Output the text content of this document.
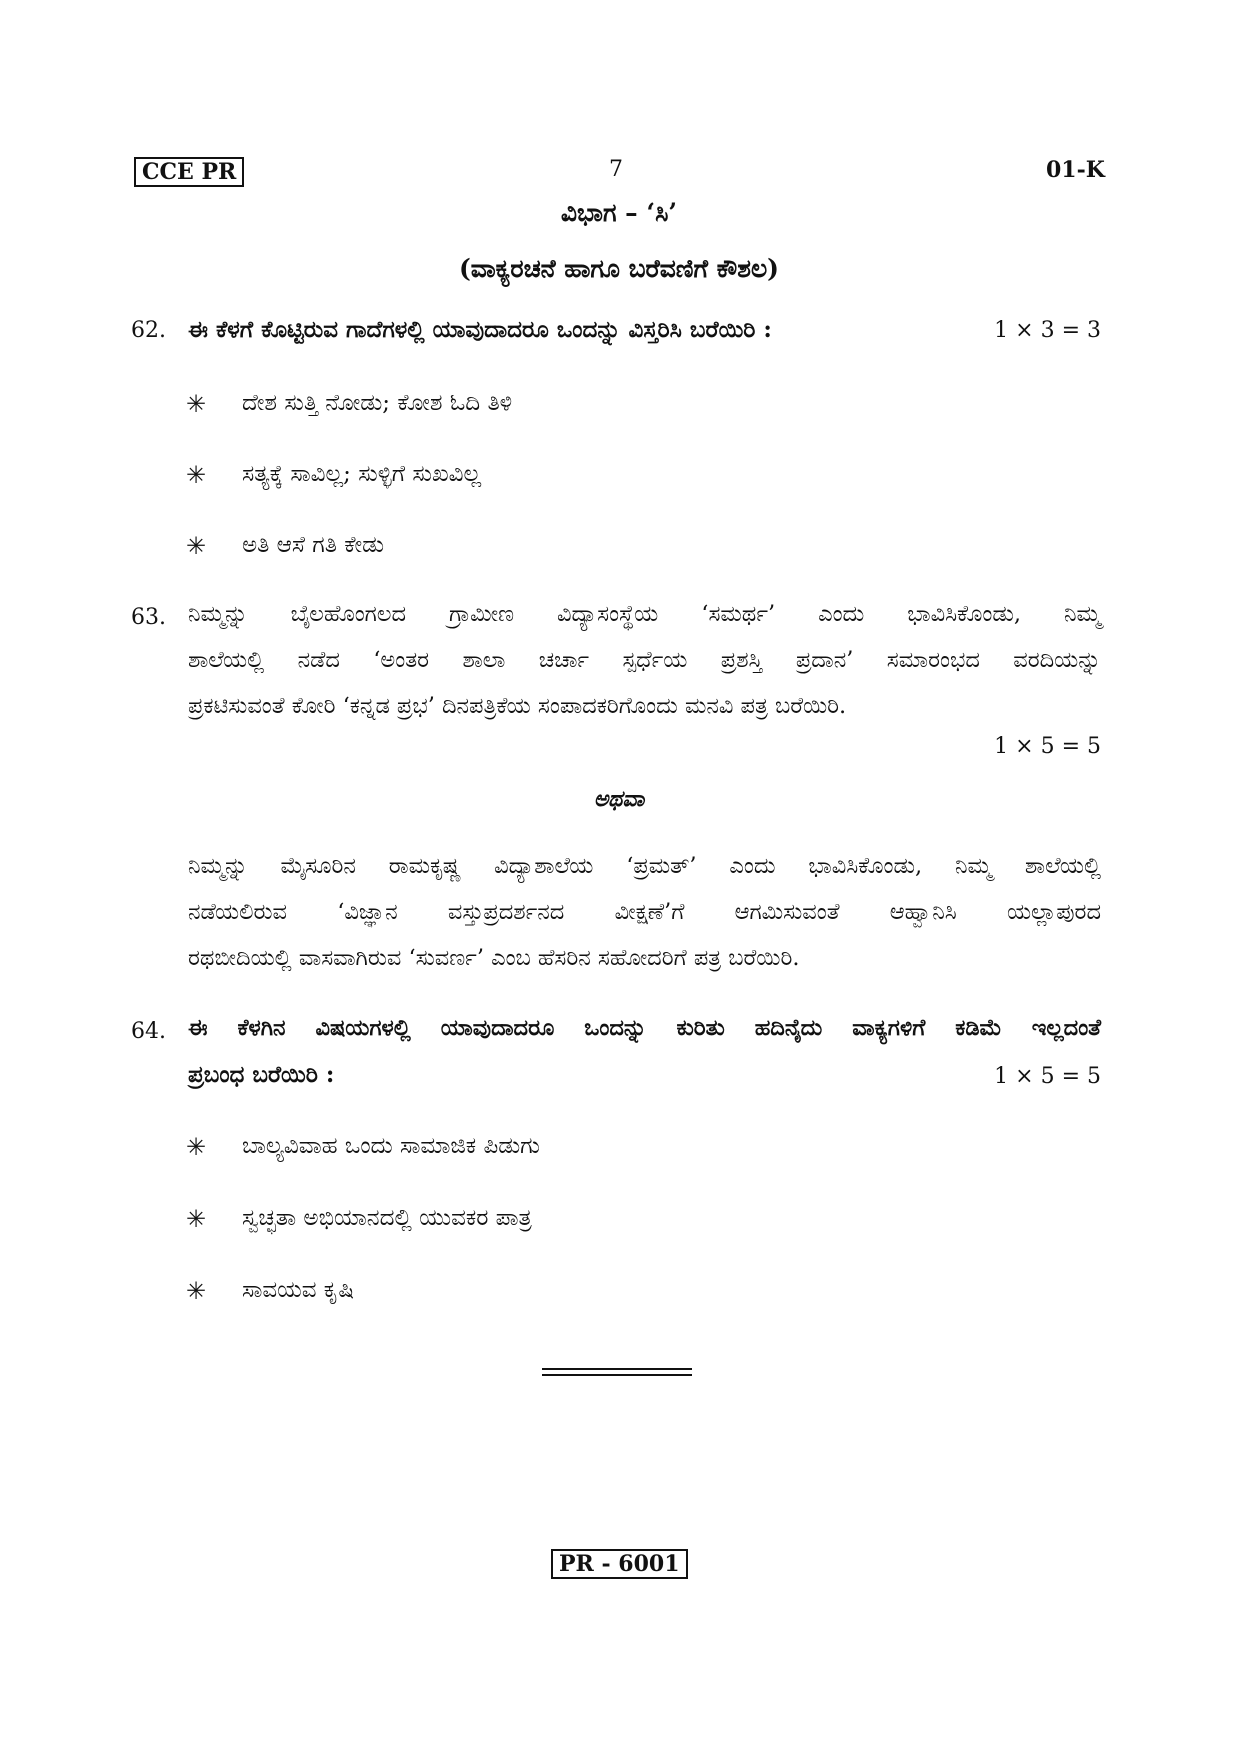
CCE PR	7	01-K
ವಿಭಾಗ – ‘ಸಿ’
(ವಾಕ್ಯರಚನೆ ಹಾಗೂ ಬರೆವಣಿಗೆ ಕೌಶಲ)
62. ಈ ಕೆಳಗೆ ಕೊಟ್ಟಿರುವ ಗಾದೆಗಳಲ್ಲಿ ಯಾವುದಾದರೂ ಒಂದನ್ನು ವಿಸ್ತರಿಸಿ ಬರೆಯಿರಿ :	1 × 3 = 3
✳ ದೇಶ ಸುತ್ತಿ ನೋಡು; ಕೋಶ ಓದಿ ತಿಳಿ
✳ ಸತ್ಯಕ್ಕೆ ಸಾವಿಲ್ಲ; ಸುಳ್ಳಿಗೆ ಸುಖವಿಲ್ಲ
✳ ಅತಿ ಆಸೆ ಗತಿ ಕೇಡು
63. ನಿಮ್ಮನ್ನು ಬೈಲಹೊಂಗಲದ ಗ್ರಾಮೀಣ ವಿದ್ಯಾಸಂಸ್ಥೆಯ ‘ಸಮರ್ಥ’ ಎಂದು ಭಾವಿಸಿಕೊಂಡು, ನಿಮ್ಮ
ಶಾಲೆಯಲ್ಲಿ ನಡೆದ ‘ಅಂತರ ಶಾಲಾ ಚರ್ಚಾ ಸ್ಪರ್ಧೆಯ ಪ್ರಶಸ್ತಿ ಪ್ರದಾನ’ ಸಮಾರಂಭದ ವರದಿಯನ್ನು
ಪ್ರಕಟಿಸುವಂತೆ ಕೋರಿ ‘ಕನ್ನಡ ಪ್ರಭ’ ದಿನಪತ್ರಿಕೆಯ ಸಂಪಾದಕರಿಗೊಂದು ಮನವಿ ಪತ್ರ ಬರೆಯಿರಿ.
1 × 5 = 5
ಅಥವಾ
ನಿಮ್ಮನ್ನು ಮೈಸೂರಿನ ರಾಮಕೃಷ್ಣ ವಿದ್ಯಾಶಾಲೆಯ ‘ಪ್ರಮತ್’ ಎಂದು ಭಾವಿಸಿಕೊಂಡು, ನಿಮ್ಮ ಶಾಲೆಯಲ್ಲಿ
ನಡೆಯಲಿರುವ ‘ವಿಜ್ಞಾನ ವಸ್ತುಪ್ರದರ್ಶನದ ವೀಕ್ಷಣೆ’ಗೆ ಆಗಮಿಸುವಂತೆ ಆಹ್ವಾನಿಸಿ ಯಲ್ಲಾಪುರದ
ರಥಬೀದಿಯಲ್ಲಿ ವಾಸವಾಗಿರುವ ‘ಸುವರ್ಣ’ ಎಂಬ ಹೆಸರಿನ ಸಹೋದರಿಗೆ ಪತ್ರ ಬರೆಯಿರಿ.
64. ಈ ಕೆಳಗಿನ ವಿಷಯಗಳಲ್ಲಿ ಯಾವುದಾದರೂ ಒಂದನ್ನು ಕುರಿತು ಹದಿನೈದು ವಾಕ್ಯಗಳಿಗೆ ಕಡಿಮೆ ಇಲ್ಲದಂತೆ
ಪ್ರಬಂಧ ಬರೆಯಿರಿ :	1 × 5 = 5
✳ ಬಾಲ್ಯವಿವಾಹ ಒಂದು ಸಾಮಾಜಿಕ ಪಿಡುಗು
✳ ಸ್ವಚ್ಛತಾ ಅಭಿಯಾನದಲ್ಲಿ ಯುವಕರ ಪಾತ್ರ
✳ ಸಾವಯವ ಕೃಷಿ
PR - 6001
